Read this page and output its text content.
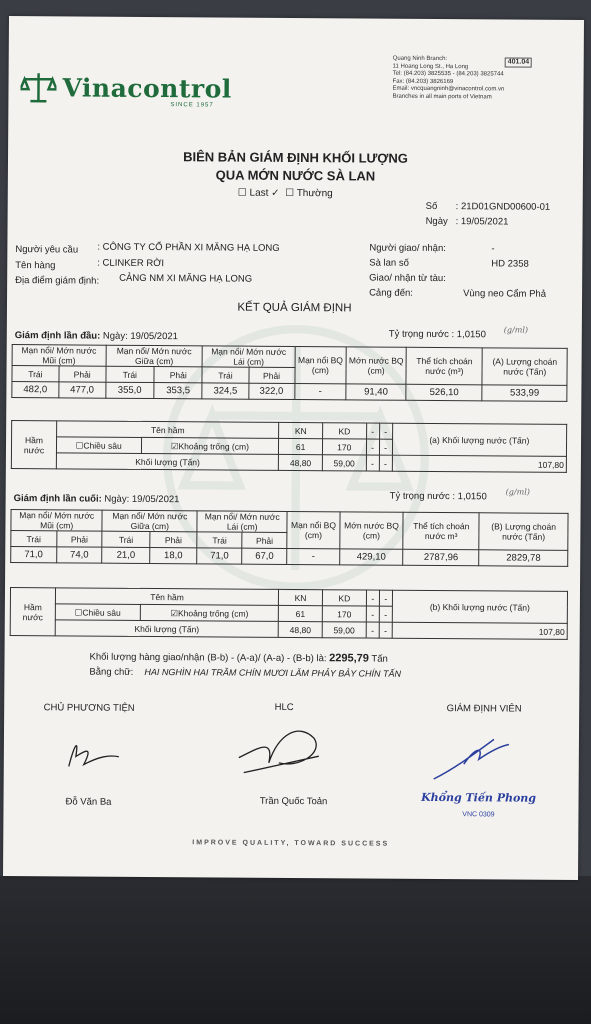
Vinacontrol
SINCE 1957
Quang Ninh Branch:
11 Hoang Long St., Ha Long
Tel: (84.203) 3825535 - (84.203) 3825744
Fax: (84.203) 3826169
Email: vncquangninh@vinacontrol.com.vn
Branches in all main ports of Vietnam
401.04
BIÊN BẢN GIÁM ĐỊNH KHỐI LƯỢNG
QUA MỚN NƯỚC SÀ LAN
☐ Last ✓ ☐ Thường
Số : 21D01GND00600-01
Ngày : 19/05/2021
Người yêu cầu : CÔNG TY CỔ PHẦN XI MĂNG HẠ LONG
Tên hàng	: CLINKER RỜI
Địa điểm giám định: CẢNG NM XI MĂNG HẠ LONG
Người giao/ nhận:	-
Sà lan số	HD 2358
Giao/ nhận từ tàu:
Cảng đến:	Vùng neo Cẩm Phả
KẾT QUẢ GIÁM ĐỊNH
Giám định lần đầu: Ngày: 19/05/2021	Tỷ trọng nước : 1,0150 (g/ml)
Mạn nổi/ Mớn nước Mũi (cm)		Mạn nổi/ Mớn nước Giữa (cm)		Mạn nổi/ Mớn nước Lái (cm)		Mạn nổi BQ (cm)	Mớn nước BQ (cm)	Thể tích choán nước (m³)	(A) Lượng choán nước (Tấn)
Trái	Phải	Trái	Phải	Trái	Phải				
482,0	477,0	355,0	353,5	324,5	322,0	-	91,40	526,10	533,99
Hầm nước	Tên hầm		KN	KD	-	-	(a) Khối lượng nước (Tấn)
	☐Chiều sâu	☑Khoảng trống (cm)	61	170	-	-	
	Khối lượng (Tấn)		48,80	59,00	-	-	107,80
Giám định lần cuối: Ngày: 19/05/2021	Tỷ trọng nước : 1,0150 (g/ml)
Mạn nổi/ Mớn nước Mũi (cm)		Mạn nổi/ Mớn nước Giữa (cm)		Mạn nổi/ Mớn nước Lái (cm)		Mạn nổi BQ (cm)	Mớn nước BQ (cm)	Thể tích choán nước m³	(B) Lượng choán nước (Tấn)
Trái	Phải	Trái	Phải	Trái	Phải				
71,0	74,0	21,0	18,0	71,0	67,0	-	429,10	2787,96	2829,78
Hầm nước	Tên hầm		KN	KD	-	-	(b) Khối lượng nước (Tấn)
	☐Chiều sâu	☑Khoảng trống (cm)	61	170	-	-	
	Khối lượng (Tấn)		48,80	59,00	-	-	107,80
Khối lượng hàng giao/nhận (B-b) - (A-a)/ (A-a) - (B-b) là: 2295,79 Tấn
Bằng chữ: HAI NGHÌN HAI TRĂM CHÍN MƯƠI LĂM PHẢY BẢY CHÍN TẤN
CHỦ PHƯƠNG TIỆN	HLC	GIÁM ĐỊNH VIÊN
Đỗ Văn Ba	Trần Quốc Toản	Khổng Tiến Phong
VNC 0309
IMPROVE QUALITY, TOWARD SUCCESS
